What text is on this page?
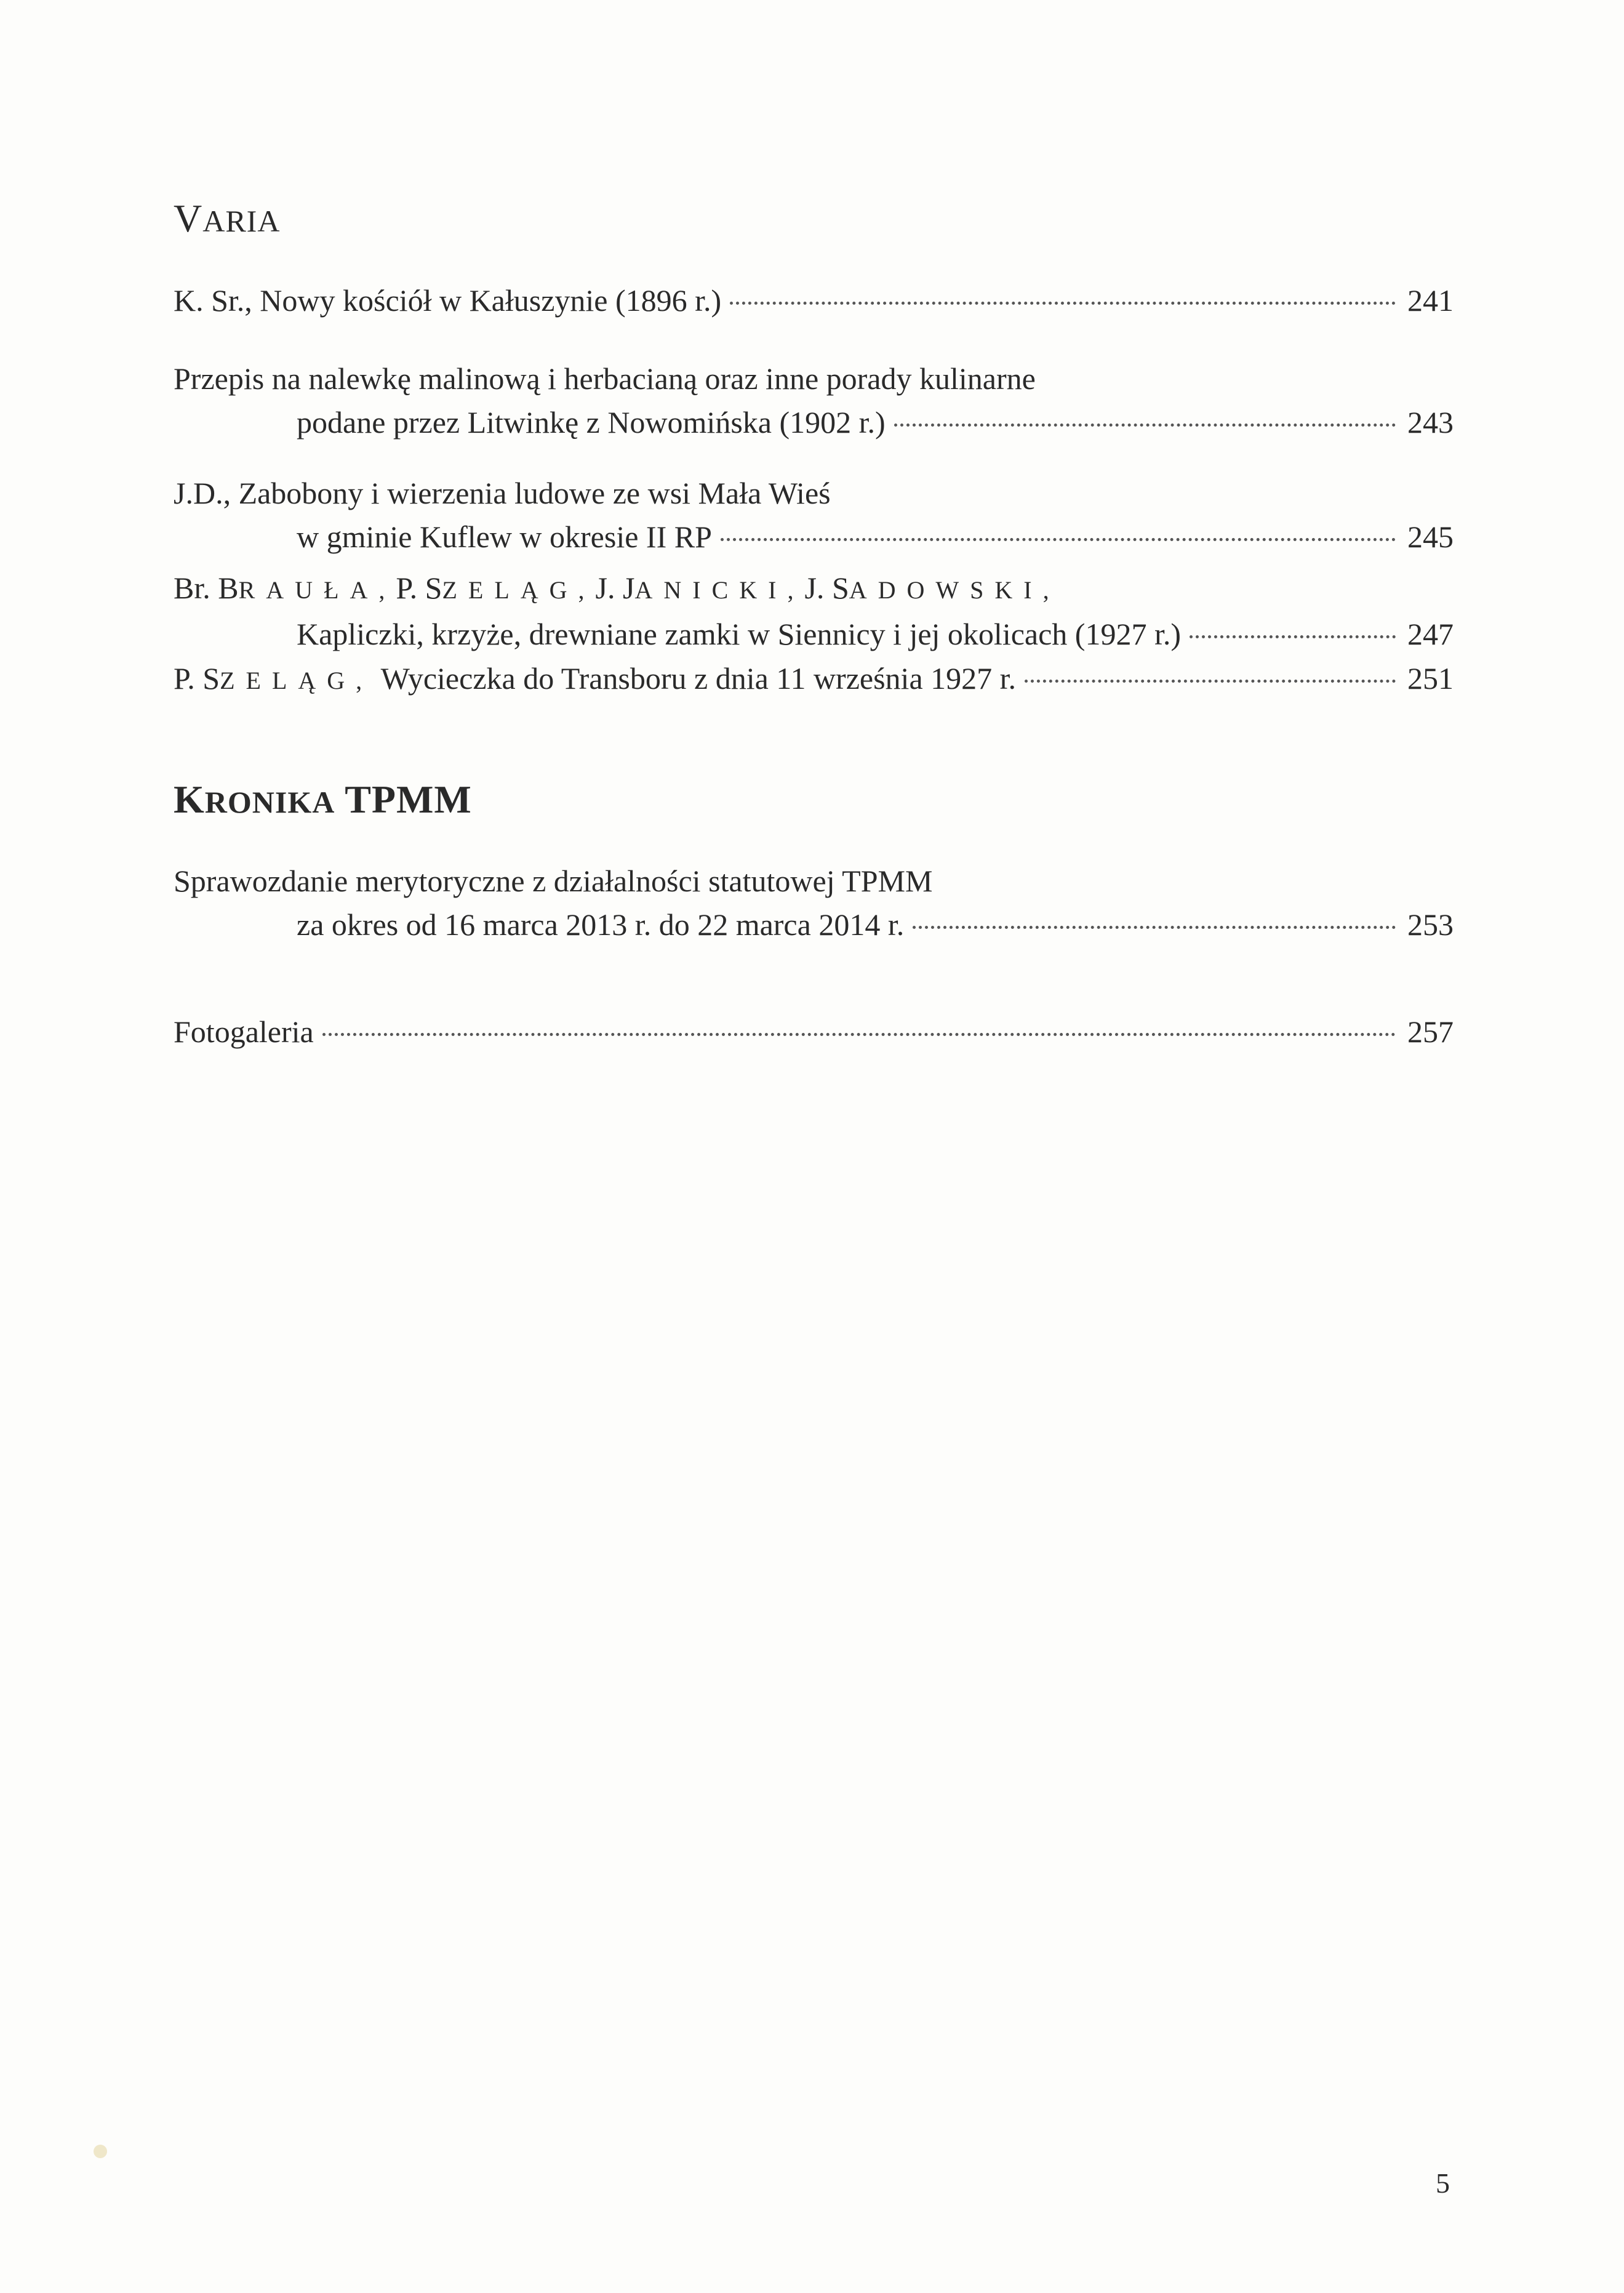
VARIA
K. Sr., Nowy kościół w Kałuszynie (1896 r.)	241
Przepis na nalewkę malinową i herbacianą oraz inne porady kulinarne
podane przez Litwinkę z Nowomińska (1902 r.)	243
J.D., Zabobony i wierzenia ludowe ze wsi Mała Wieś
w gminie Kuflew w okresie II RP	245
Br.
B RAUŁA, P.
S ZELĄG, J.
J ANICKI, J.
S ADOWSKI,
Kapliczki, krzyże, drewniane zamki w Siennicy i jej okolicach (1927 r.)	247
P. SZELĄG,
Wycieczka do Transboru z dnia 11 września 1927 r.	251
KRONIKA TPMM
Sprawozdanie merytoryczne z działalności statutowej TPMM
za okres od 16 marca 2013 r. do 22 marca 2014 r.	253
Fotogaleria	257
5
